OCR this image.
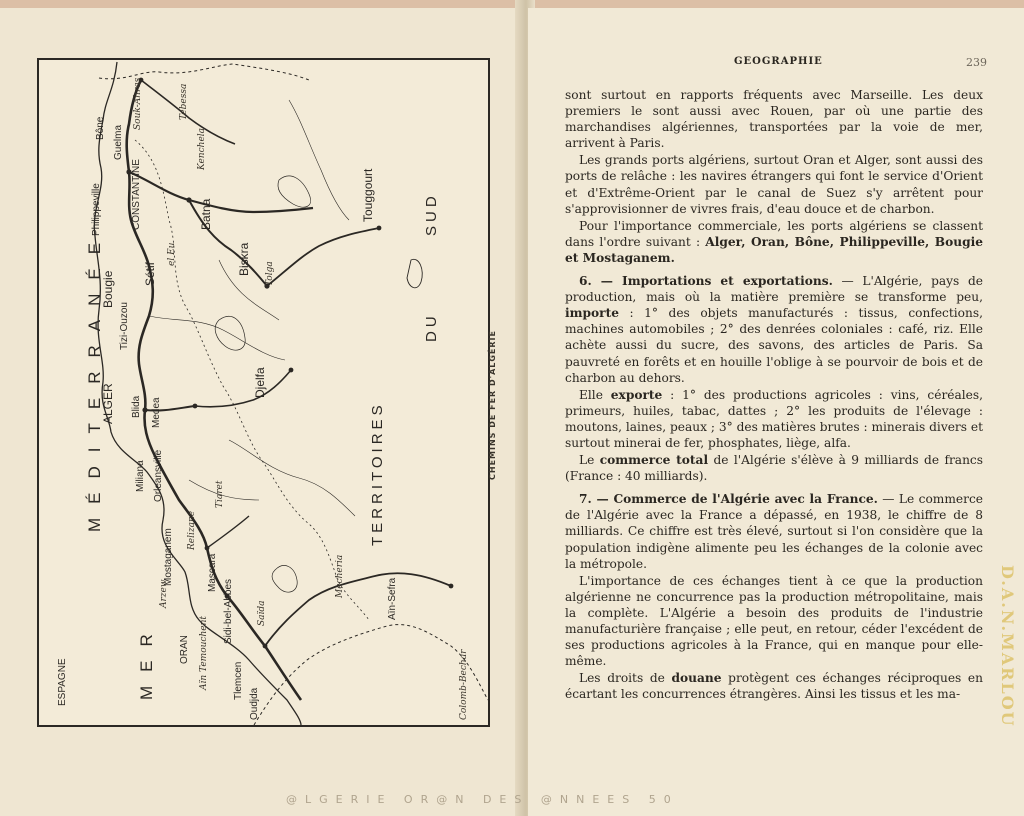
MÉDITERRANÉE
MER
TERRITOIRES
DU
SUD
ESPAGNE
Bône Guelma
Souk-Ahras	Tebessa
Philippeville	CONSTANTINE
Kenchela
Batna	Touggourt
Biskra Tolga
Sétif
el Eu
Bougie
Tizi-Ouzou
ALGER Blida Medea
Djelfa
Orleansville
Miliana
Tiaret
Mostaganem Relizane
Arzew
Mascara
Saïda
ORAN Aïn Temouchent
Sidi-bel-Abbes
Tlemcen
Oudjda
Aïn-Sefra
Mecheria
Colomb-Bechar
CHEMINS DE FER D'ALGÉRIE
GEOGRAPHIE	239

sont surtout en rapports fréquents avec Marseille. Les deux premiers le sont aussi avec Rouen, par où une partie des marchandises algériennes, transportées par la voie de mer, arrivent à Paris.

Les grands ports algériens, surtout Oran et Alger, sont aussi des ports de relâche : les navires étrangers qui font le service d'Orient et d'Extrême-Orient par le canal de Suez s'y arrêtent pour s'approvisionner de vivres frais, d'eau douce et de charbon.

Pour l'importance commerciale, les ports algériens se classent dans l'ordre suivant : Alger, Oran, Bône, Philippeville, Bougie et Mostaganem.

6. — Importations et exportations. — L'Algérie, pays de production, mais où la matière première se transforme peu, importe : 1° des objets manufacturés : tissus, confections, machines automobiles ; 2° des denrées coloniales : café, riz. Elle achète aussi du sucre, des savons, des articles de Paris. Sa pauvreté en forêts et en houille l'oblige à se pourvoir de bois et de charbon au dehors.

Elle exporte : 1° des productions agricoles : vins, céréales, primeurs, huiles, tabac, dattes ; 2° les produits de l'élevage : moutons, laines, peaux ; 3° des matières brutes : minerais divers et surtout minerai de fer, phosphates, liège, alfa.

Le commerce total de l'Algérie s'élève à 9 milliards de francs (France : 40 milliards).

7. — Commerce de l'Algérie avec la France. — Le commerce de l'Algérie avec la France a dépassé, en 1938, le chiffre de 8 milliards. Ce chiffre est très élevé, surtout si l'on considère que la population indigène alimente peu les échanges de la colonie avec la métropole.

L'importance de ces échanges tient à ce que la production algérienne ne concurrence pas la production métropolitaine, mais la complète. L'Algérie a besoin des produits de l'industrie manufacturière française ; elle peut, en retour, céder l'excédent de ses productions agricoles à la France, qui en manque pour elle-même.

Les droits de douane protègent ces échanges réciproques en écartant les concurrences étrangères. Ainsi les tissus et les ma-	D.A.N.MARLOU
@LGERIE OR@N DES @NNEES 50
